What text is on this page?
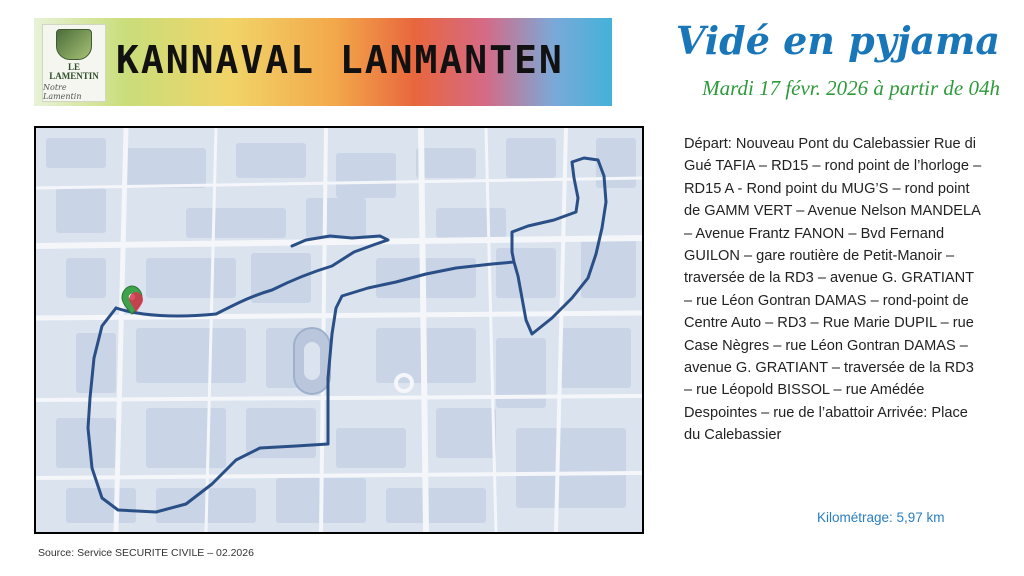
LE LAMENTIN
Notre Lamentin
KANNAVAL LANMANTEN	Vidé en pyjama
Mardi 17 févr. 2026 à partir de 04h

Départ: Nouveau Pont du Calebassier Rue di Gué TAFIA – RD15 – rond point de l’horloge – RD15 A - Rond point du MUG’S – rond point de GAMM VERT – Avenue Nelson MANDELA – Avenue Frantz FANON – Bvd Fernand GUILON – gare routière de Petit-Manoir – traversée de la RD3 – avenue G. GRATIANT – rue Léon Gontran DAMAS – rond-point de Centre Auto – RD3 – Rue Marie DUPIL – rue Case Nègres – rue Léon Gontran DAMAS – avenue G. GRATIANT – traversée de la RD3 – rue Léopold BISSOL – rue Amédée Despointes – rue de l’abattoir Arrivée: Place du Calebassier

Kilométrage: 5,97 km
Source: Service SECURITE CIVILE – 02.2026
